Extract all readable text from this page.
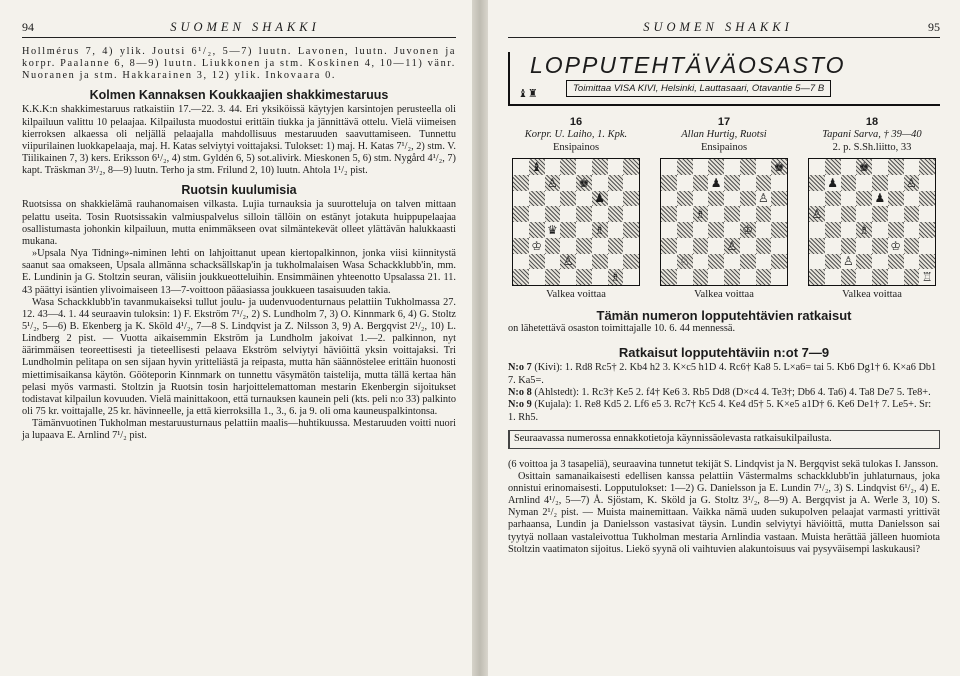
94	SUOMEN SHAKKI

Hollmérus 7, 4) ylik. Joutsi 6¹/₂, 5—7) luutn. Lavonen, luutn. Juvonen ja korpr. Paalanne 6, 8—9) luutn. Liukkonen ja stm. Koskinen 4, 10—11) vänr. Nuoranen ja stm. Hakkarainen 3, 12) ylik. Inkovaara 0.

Kolmen Kannaksen Koukkaajien shakkimestaruus

K.K.K:n shakkimestaruus ratkaistiin 17.—22. 3. 44. Eri yksiköissä käytyjen karsintojen perusteella oli kilpailuun valittu 10 pelaajaa. Kilpailusta muodostui erittäin tiukka ja jännittävä ottelu. Vielä viimeisen kierroksen alkaessa oli neljällä pelaajalla mahdollisuus mestaruuden saavuttamiseen. Tunnettu viipurilainen luokkapelaaja, maj. H. Katas selviytyi voittajaksi. Tulokset: 1) maj. H. Katas 7¹/₂, 2) stm. V. Tiilikainen 7, 3) kers. Eriksson 6¹/₂, 4) stm. Gyldén 6, 5) sot.alivirk. Mieskonen 5, 6) stm. Nygård 4¹/₂, 7) kapt. Träskman 3¹/₂, 8—9) luutn. Terho ja stm. Frilund 2, 10) luutn. Ahtola 1¹/₂ pist.

Ruotsin kuulumisia

Ruotsissa on shakkielämä rauhanomaisen vilkasta. Lujia turnauksia ja suurotteluja on talven mittaan pelattu useita. Tosin Ruotsissakin valmiuspalvelus silloin tällöin on estänyt jotakuta huippupelaajaa osallistumasta johonkin kilpailuun, mutta enimmäkseen ovat silmäntekevät olleet ylättävän halukkaasti mukana.

»Upsala Nya Tidning»-niminen lehti on lahjoittanut upean kiertopalkinnon, jonka viisi kiinnitystä saanut saa omakseen, Upsala allmänna schacksällskap'in ja tukholmalaisen Wasa Schackklubb'in, mm. E. Lundinin ja G. Stoltzin seuran, välisiin joukkueotteluihin. Ensimmäinen yhteenotto Upsalassa 21. 11. 43 päättyi isäntien ylivoimaiseen 13—7-voittoon pääasiassa joukkueen tasaisuuden takia.

Wasa Schackklubb'in tavanmukaiseksi tullut joulu- ja uudenvuodenturnaus pelattiin Tukholmassa 27. 12. 43—4. 1. 44 seuraavin tuloksin: 1) F. Ekström 7¹/₂, 2) S. Lundholm 7, 3) O. Kinnmark 6, 4) G. Stoltz 5¹/₂, 5—6) B. Ekenberg ja K. Sköld 4¹/₂, 7—8 S. Lindqvist ja Z. Nilsson 3, 9) A. Bergqvist 2¹/₂, 10) L. Lindberg 2 pist. — Vuotta aikaisemmin Ekström ja Lundholm jakoivat 1.—2. palkinnon, nyt äärimmäisen teoreettisesti ja tieteellisesti pelaava Ekström selviytyi häviöittä yksin voittajaksi. Tri Lundholmin pelitapa on sen sijaan hyvin yritteliästä ja reipasta, mutta hän säännöstelee erittäin huonosti miettimisaikansa käytön. Gööteporin Kinnmark on tunnettu väsymätön taistelija, mutta tällä kertaa hän pelasi myös varmasti. Stoltzin ja Ruotsin tosin harjoittelemattoman mestarin Ekenbergin sijoitukset todistavat kilpailun kovuuden. Vielä mainittakoon, että turnauksen kaunein peli (kts. peli n:o 33) palkinto oli 75 kr. voittajalle, 25 kr. hävinneelle, ja että kierroksilla 1., 3., 6. ja 9. oli oma kauneuspalkintonsa.

Tämänvuotinen Tukholman mestaruusturnaus pelattiin maalis—huhtikuussa. Mestaruuden voitti nuori ja lupaava E. Arnlind 7¹/₂ pist.

SUOMEN SHAKKI	95
LOPPUTEHTÄVÄOSASTO
Toimittaa VISA KIVI, Helsinki, Lauttasaari, Otavantie 5—7 B
♝♜
16
Korpr. U. Laiho, 1. Kpk.
Ensipainos
♝
♙ ♚
♟
♛	♗
♔
♙
♗
Valkea voittaa
17
Allan Hurtig, Ruotsi
Ensipainos
♚
♟
♙
♗
♔
♙
♘
Valkea voittaa
18
Tapani Sarva, † 39—40
2. p. S.Sh.liitto, 33
♚
♟	♙
♟
♙
♗
♔
♙
♖
Valkea voittaa
Tämän numeron lopputehtävien ratkaisut

on lähetettävä osaston toimittajalle 10. 6. 44 mennessä.

Ratkaisut lopputehtäviin n:ot 7—9
N:o 7 (Kivi): 1. Rd8 Rc5† 2. Kb4 h2 3. K×c5 h1D 4. Rc6† Ka8 5. L×a6= tai 5. Kb6 Dg1† 6. K×a6 Db1 7. Ka5=.
N:o 8 (Ahlstedt): 1. Rc3† Ke5 2. f4† Ke6 3. Rb5 Dd8 (D×c4 4. Te3†; Db6 4. Ta6) 4. Ta8 De7 5. Te8+.
N:o 9 (Kujala): 1. Re8 Kd5 2. Lf6 e5 3. Rc7† Kc5 4. Ke4 d5† 5. K×e5 a1D† 6. Ke6 De1† 7. Le5+. Sr: 1. Rh5.
Seuraavassa numerossa ennakkotietoja käynnissäolevasta ratkaisukilpailusta.

(6 voittoa ja 3 tasapeliä), seuraavina tunnetut tekijät S. Lindqvist ja N. Bergqvist sekä tulokas I. Jansson.

Osittain samanaikaisesti edellisen kanssa pelattiin Västermalms schackklubb'in juhlaturnaus, joka onnistui erinomaisesti. Lopputulokset: 1—2) G. Danielsson ja E. Lundin 7¹/₂, 3) S. Lindqvist 6¹/₂, 4) E. Arnlind 4¹/₂, 5—7) Å. Sjöstam, K. Sköld ja G. Stoltz 3¹/₂, 8—9) A. Bergqvist ja A. Werle 3, 10) S. Nyman 2¹/₂ pist. — Muista mainemittaan. Vaikka nämä uuden sukupolven pelaajat varmasti yrittivät parhaansa, Lundin ja Danielsson vastasivat täysin. Lundin selviytyi häviöittä, mutta Danielsson sai tyytyä nollaan vastaleivottua Tukholman mestaria Arnlindia vastaan. Muista herättää jälleen huomiota Stoltzin vaatimaton sijoitus. Liekö syynä oli vaihtuvien alakuntoisuus vai pysyväisempi laskukausi?
